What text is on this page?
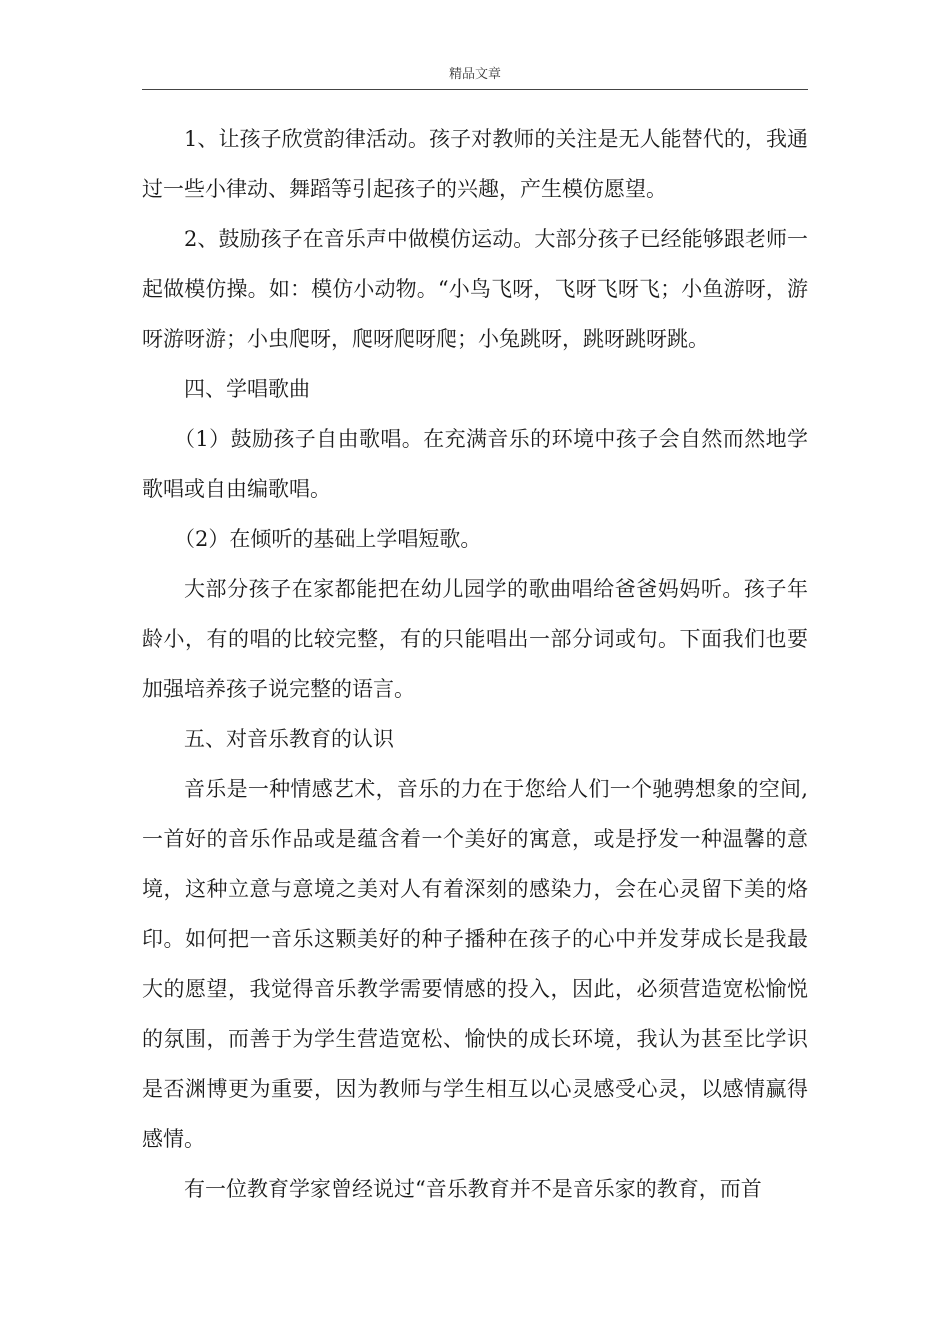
精品文章

1、让孩子欣赏韵律活动。孩子对教师的关注是无人能替代的，我通过一些小律动、舞蹈等引起孩子的兴趣，产生模仿愿望。

2、鼓励孩子在音乐声中做模仿运动。大部分孩子已经能够跟老师一起做模仿操。如：模仿小动物。“小鸟飞呀，飞呀飞呀飞；小鱼游呀，游呀游呀游；小虫爬呀，爬呀爬呀爬；小兔跳呀，跳呀跳呀跳。

四、学唱歌曲

（1）鼓励孩子自由歌唱。在充满音乐的环境中孩子会自然而然地学歌唱或自由编歌唱。

（2）在倾听的基础上学唱短歌。

大部分孩子在家都能把在幼儿园学的歌曲唱给爸爸妈妈听。孩子年龄小，有的唱的比较完整，有的只能唱出一部分词或句。下面我们也要加强培养孩子说完整的语言。

五、对音乐教育的认识

音乐是一种情感艺术，音乐的力在于您给人们一个驰骋想象的空间,一首好的音乐作品或是蕴含着一个美好的寓意，或是抒发一种温馨的意境，这种立意与意境之美对人有着深刻的感染力，会在心灵留下美的烙印。如何把一音乐这颗美好的种子播种在孩子的心中并发芽成长是我最大的愿望，我觉得音乐教学需要情感的投入，因此，必须营造宽松愉悦的氛围，而善于为学生营造宽松、愉快的成长环境，我认为甚至比学识是否渊博更为重要，因为教师与学生相互以心灵感受心灵，以感情赢得感情。

有一位教育学家曾经说过“音乐教育并不是音乐家的教育，而首
